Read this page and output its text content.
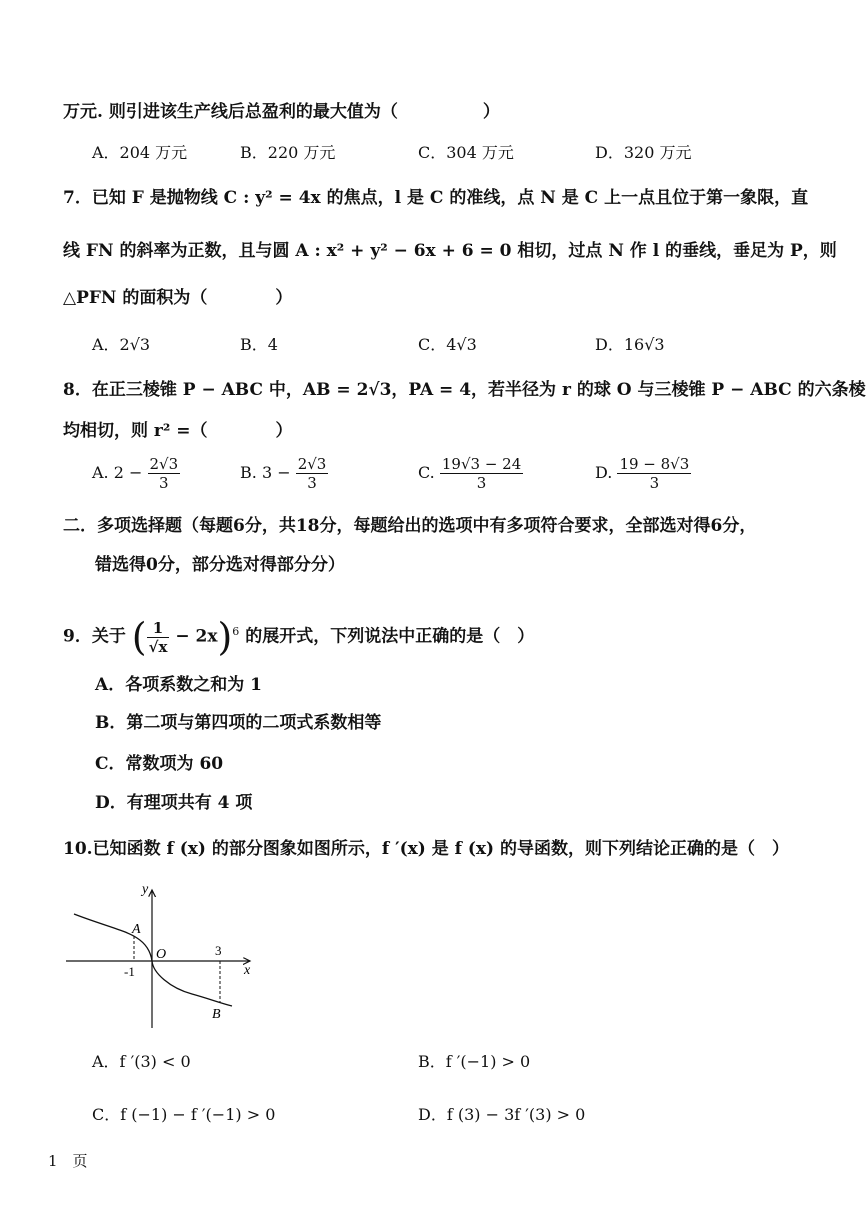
万元. 则引进该生产线后总盈利的最大值为（　　　　　）
A．204 万元	B．220 万元	C．304 万元	D．320 万元
7．已知 F 是抛物线 C : y² = 4x 的焦点，l 是 C 的准线，点 N 是 C 上一点且位于第一象限，直
线 FN 的斜率为正数，且与圆 A : x² + y² − 6x + 6 = 0 相切，过点 N 作 l 的垂线，垂足为 P，则
△PFN 的面积为（　　　　）
A．2√3	B．4	C．4√3	D．16√3
8．在正三棱锥 P − ABC 中，AB = 2√3，PA = 4，若半径为 r 的球 O 与三棱锥 P − ABC 的六条棱
均相切，则 r² =（　　　　）
A. $2 - \frac{2√3}{3}$	B. $3 - \frac{2√3}{3}$	C. $\frac{19√3 - 24}{3}$	D. $\frac{19 - 8√3}{3}$
二．多项选择题（每题6分，共18分，每题给出的选项中有多项符合要求，全部选对得6分，
错选得0分，部分选对得部分分）
9．关于 ( $\frac{1}{√x} - 2x)^6$ 的展开式，下列说法中正确的是（　）
A．各项系数之和为 1
B．第二项与第四项的二项式系数相等
C．常数项为 60
D．有理项共有 4 项
10.已知函数 f (x) 的部分图象如图所示，f ′(x) 是 f (x) 的导函数，则下列结论正确的是（　）
y
x
O
A
B
-1
3
A．f ′(3) < 0	B．f ′(−1) > 0
C．f (−1) − f ′(−1) > 0	D．f (3) − 3f ′(3) > 0
1　页
